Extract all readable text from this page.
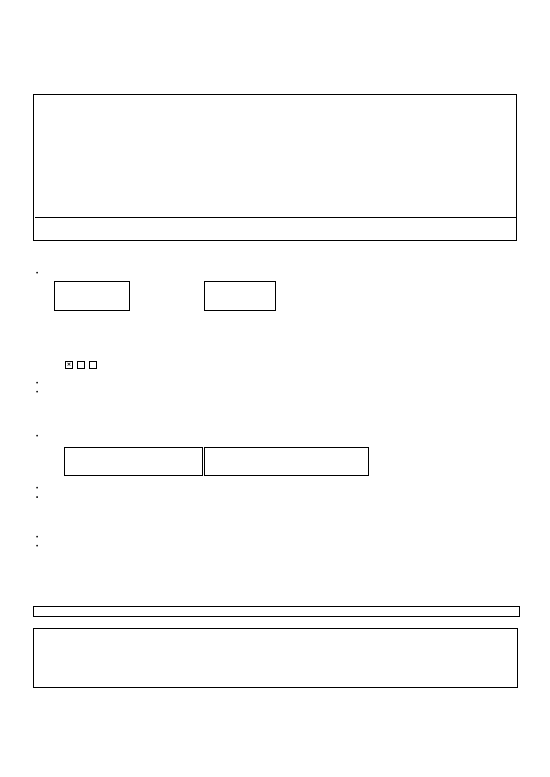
•
✕
•
•
•
•
•
•
•
